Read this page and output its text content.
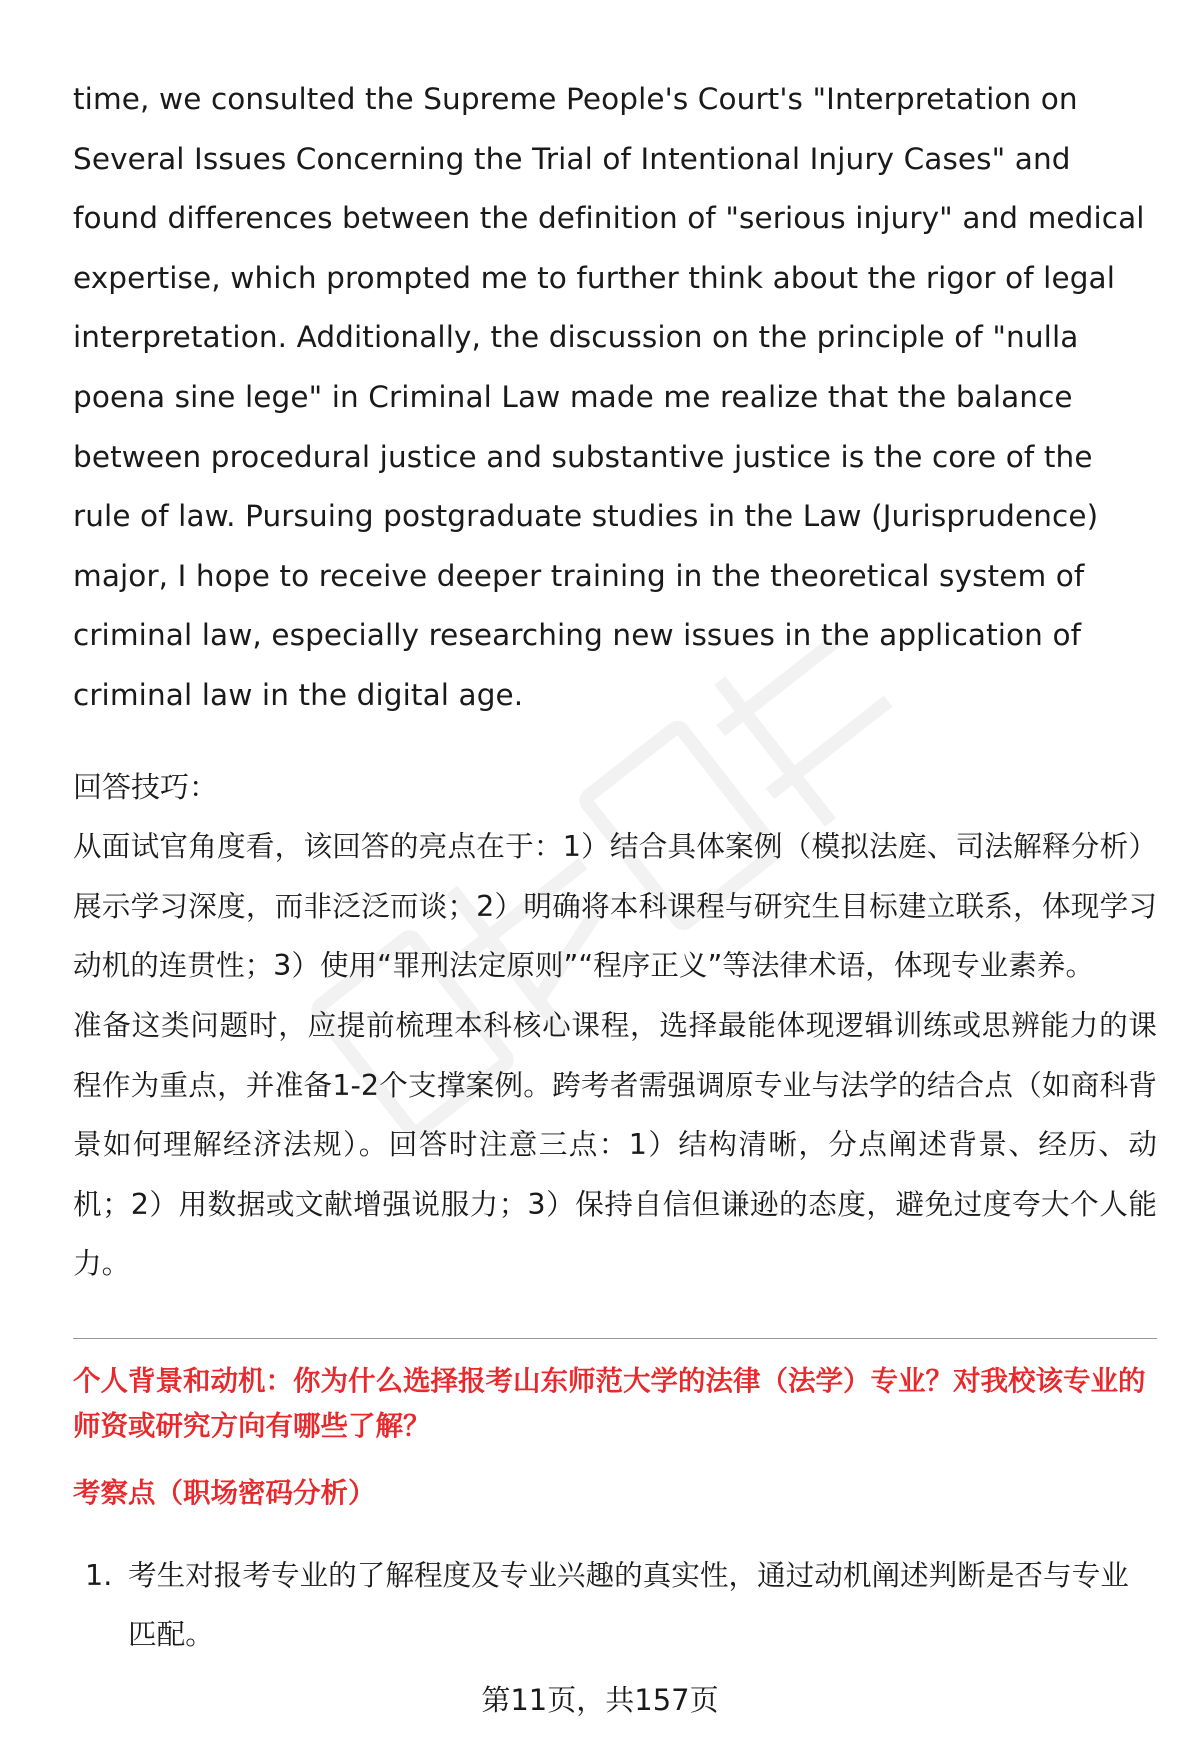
time, we consulted the Supreme People's Court's "Interpretation on Several Issues Concerning the Trial of Intentional Injury Cases" and found differences between the definition of "serious injury" and medical expertise, which prompted me to further think about the rigor of legal interpretation. Additionally, the discussion on the principle of "nulla poena sine lege" in Criminal Law made me realize that the balance between procedural justice and substantive justice is the core of the rule of law. Pursuing postgraduate studies in the Law (Jurisprudence) major, I hope to receive deeper training in the theoretical system of criminal law, especially researching new issues in the application of criminal law in the digital age.

回答技巧：

从面试官角度看，该回答的亮点在于：1）结合具体案例（模拟法庭、司法解释分析）展示学习深度，而非泛泛而谈；2）明确将本科课程与研究生目标建立联系，体现学习动机的连贯性；3）使用“罪刑法定原则”“程序正义”等法律术语，体现专业素养。

准备这类问题时，应提前梳理本科核心课程，选择最能体现逻辑训练或思辨能力的课程作为重点，并准备1-2个支撑案例。跨考者需强调原专业与法学的结合点（如商科背景如何理解经济法规）。回答时注意三点：1）结构清晰，分点阐述背景、经历、动机；2）用数据或文献增强说服力；3）保持自信但谦逊的态度，避免过度夸大个人能力。

个人背景和动机：你为什么选择报考山东师范大学的法律（法学）专业？对我校该专业的师资或研究方向有哪些了解？

考察点（职场密码分析）

1. 考生对报考专业的了解程度及专业兴趣的真实性，通过动机阐述判断是否与专业匹配。
第11页，共157页
